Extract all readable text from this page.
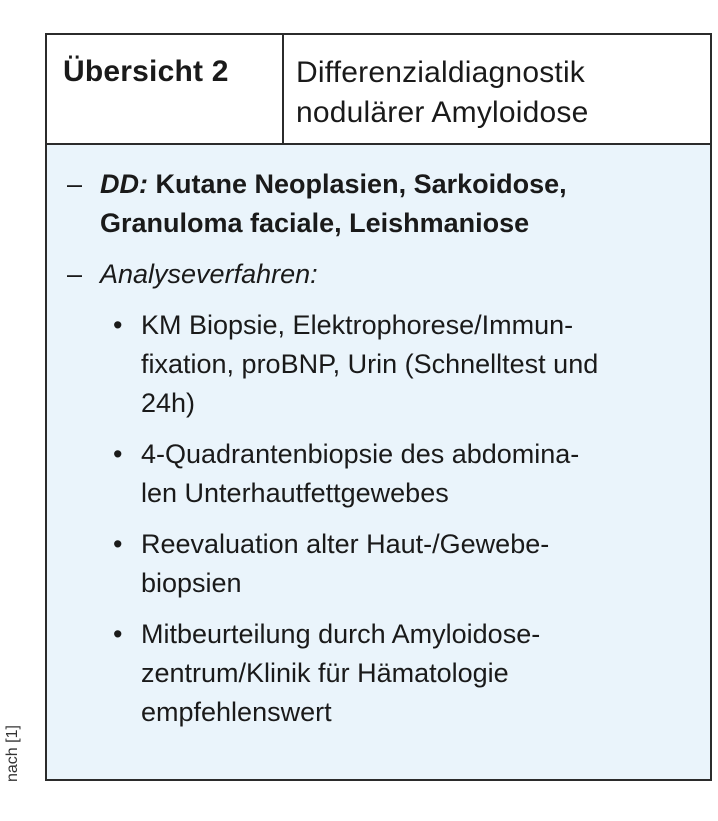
Übersicht 2	Differenzialdiagnostik
nodulärer Amyloidose
– DD: Kutane Neoplasien, Sarkoidose,
Granuloma faciale, Leishmaniose
– Analyseverfahren:
• KM Biopsie, Elektrophorese/Immun-
fixation, proBNP, Urin (Schnelltest und
24h)
• 4-Quadrantenbiopsie des abdomina-
len Unterhautfettgewebes
• Reevaluation alter Haut-/Gewebe-
biopsien
• Mitbeurteilung durch Amyloidose-
zentrum/Klinik für Hämatologie
empfehlenswert
nach [1]
